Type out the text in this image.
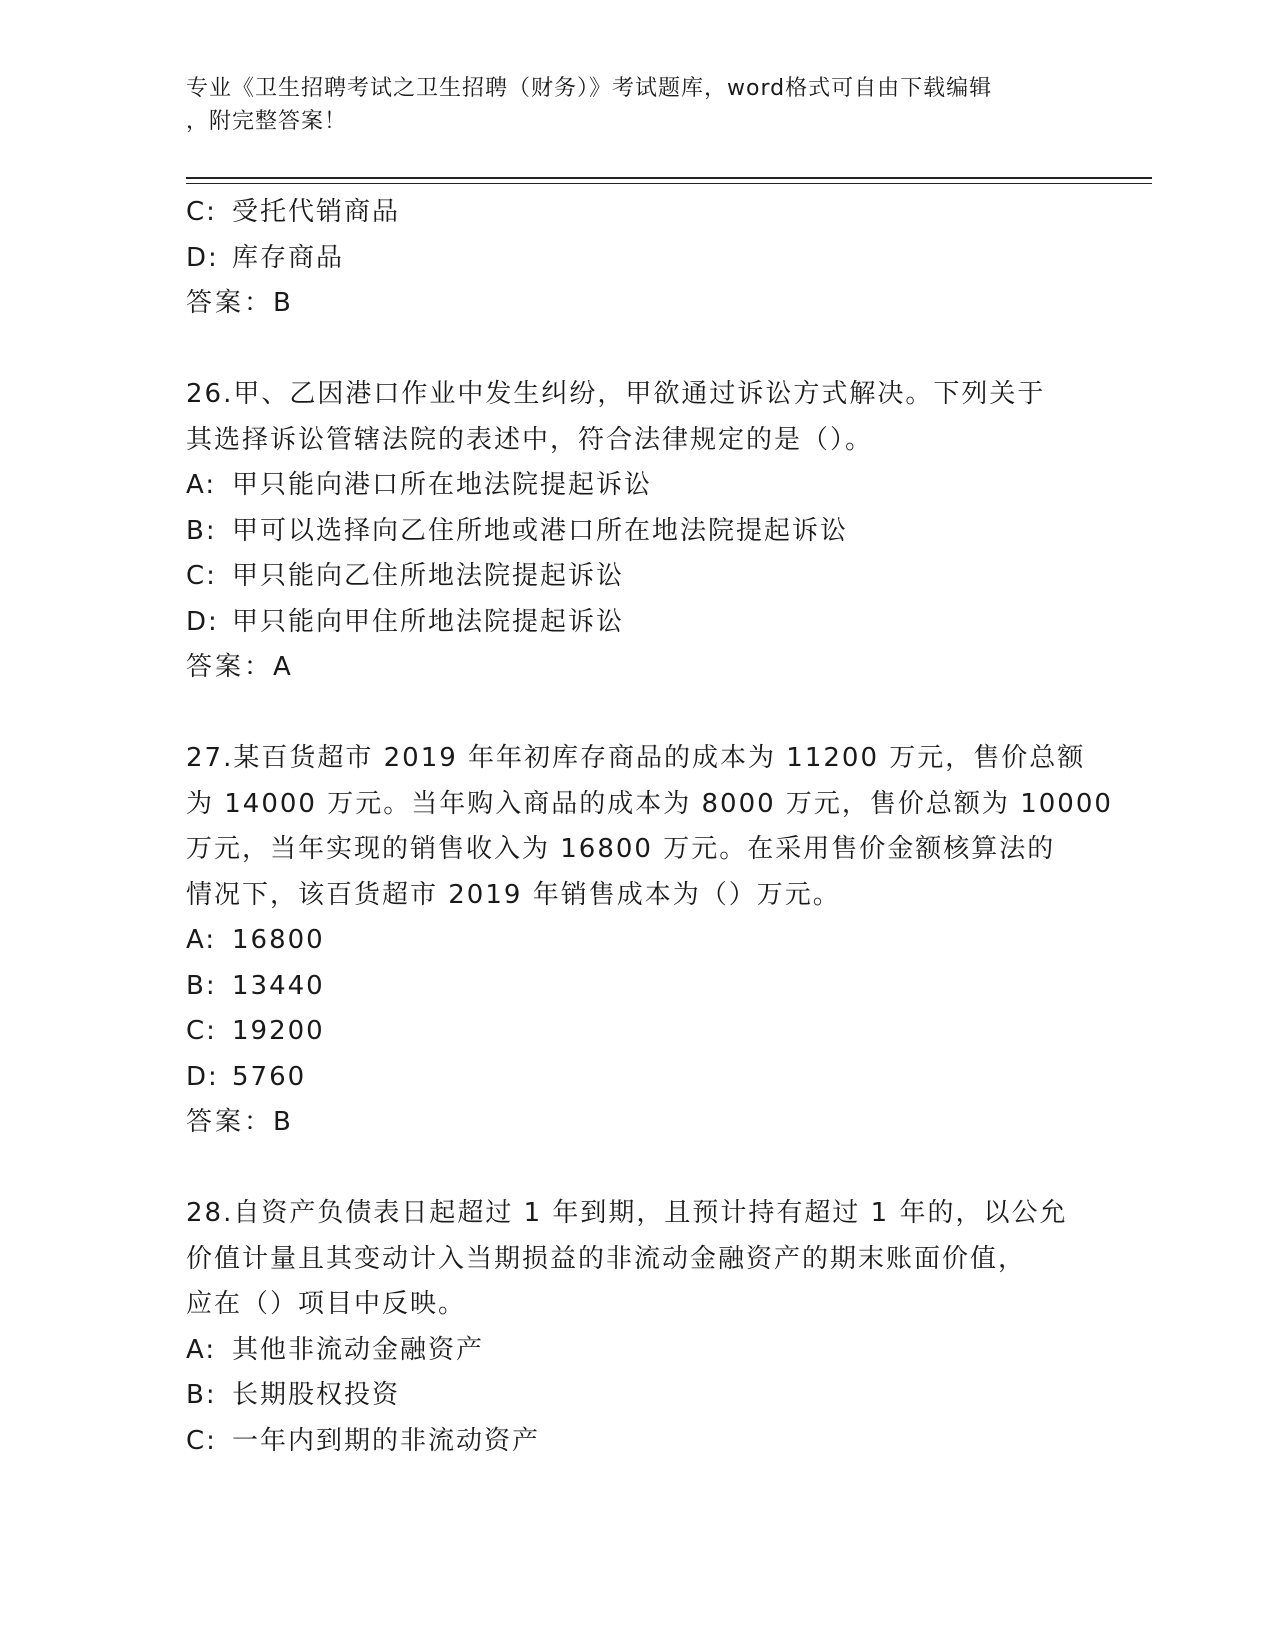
专业《卫生招聘考试之卫生招聘（财务）》考试题库，word格式可自由下载编辑
，附完整答案！
C: 受托代销商品
D: 库存商品
答案：B
26.甲、乙因港口作业中发生纠纷，甲欲通过诉讼方式解决。下列关于
其选择诉讼管辖法院的表述中，符合法律规定的是（）。
A: 甲只能向港口所在地法院提起诉讼
B: 甲可以选择向乙住所地或港口所在地法院提起诉讼
C: 甲只能向乙住所地法院提起诉讼
D: 甲只能向甲住所地法院提起诉讼
答案：A
27.某百货超市 2019 年年初库存商品的成本为 11200 万元，售价总额
为 14000 万元。当年购入商品的成本为 8000 万元，售价总额为 10000
万元，当年实现的销售收入为 16800 万元。在采用售价金额核算法的
情况下，该百货超市 2019 年销售成本为（）万元。
A: 16800
B: 13440
C: 19200
D: 5760
答案：B
28.自资产负债表日起超过 1 年到期，且预计持有超过 1 年的，以公允
价值计量且其变动计入当期损益的非流动金融资产的期末账面价值，
应在（）项目中反映。
A: 其他非流动金融资产
B: 长期股权投资
C: 一年内到期的非流动资产
